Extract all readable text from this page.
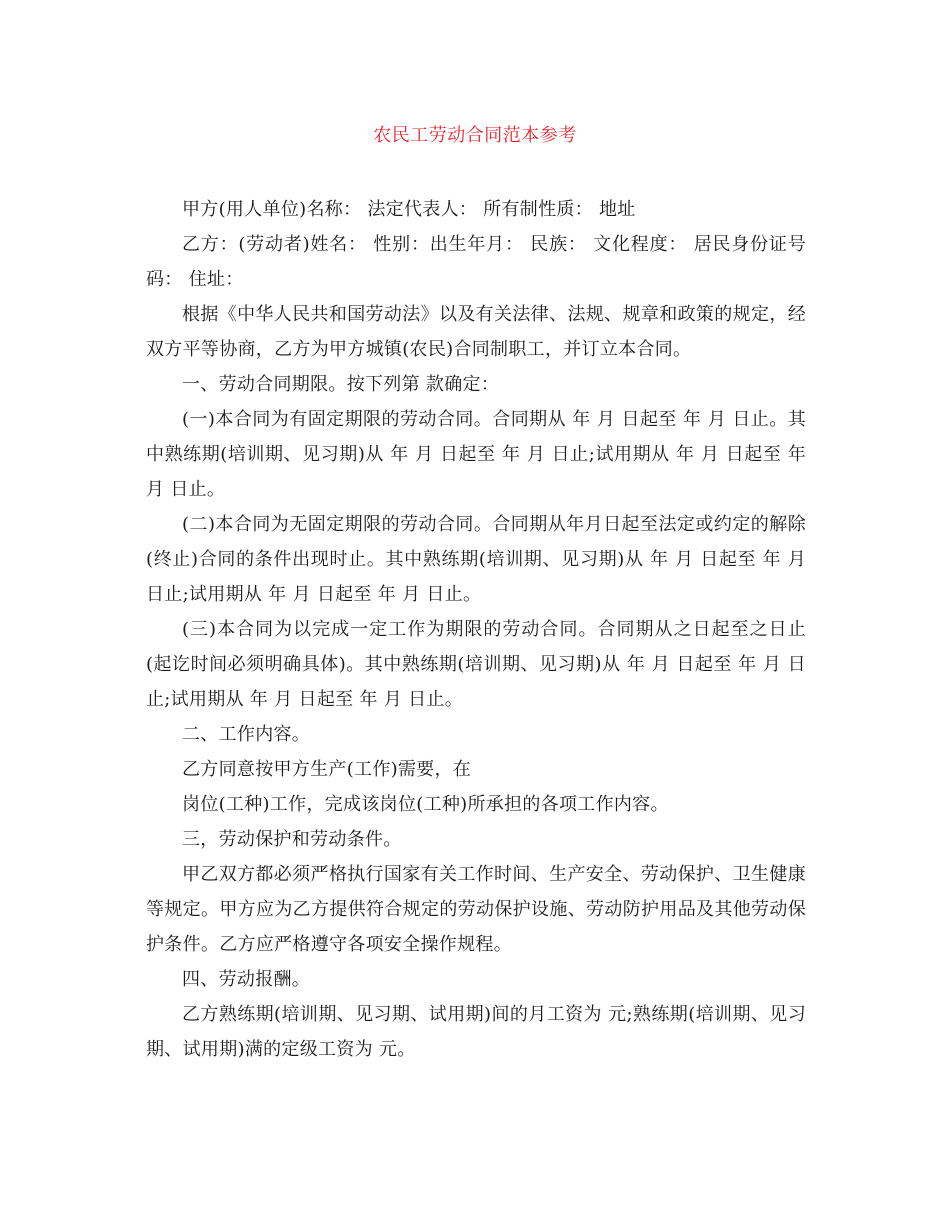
农民工劳动合同范本参考

甲方(用人单位)名称： 法定代表人： 所有制性质： 地址

乙方：(劳动者)姓名： 性别：出生年月： 民族： 文化程度： 居民身份证号码： 住址：

根据《中华人民共和国劳动法》以及有关法律、法规、规章和政策的规定，经双方平等协商，乙方为甲方城镇(农民)合同制职工，并订立本合同。

一、劳动合同期限。按下列第 款确定：

(一)本合同为有固定期限的劳动合同。合同期从 年 月 日起至 年 月 日止。其中熟练期(培训期、见习期)从 年 月 日起至 年 月 日止;试用期从 年 月 日起至 年 月 日止。

(二)本合同为无固定期限的劳动合同。合同期从年月日起至法定或约定的解除(终止)合同的条件出现时止。其中熟练期(培训期、见习期)从 年 月 日起至 年 月 日止;试用期从 年 月 日起至 年 月 日止。

(三)本合同为以完成一定工作为期限的劳动合同。合同期从之日起至之日止(起讫时间必须明确具体)。其中熟练期(培训期、见习期)从 年 月 日起至 年 月 日止;试用期从 年 月 日起至 年 月 日止。

二、工作内容。

乙方同意按甲方生产(工作)需要，在

岗位(工种)工作，完成该岗位(工种)所承担的各项工作内容。

三，劳动保护和劳动条件。

甲乙双方都必须严格执行国家有关工作时间、生产安全、劳动保护、卫生健康等规定。甲方应为乙方提供符合规定的劳动保护设施、劳动防护用品及其他劳动保护条件。乙方应严格遵守各项安全操作规程。

四、劳动报酬。

乙方熟练期(培训期、见习期、试用期)间的月工资为 元;熟练期(培训期、见习期、试用期)满的定级工资为 元。
